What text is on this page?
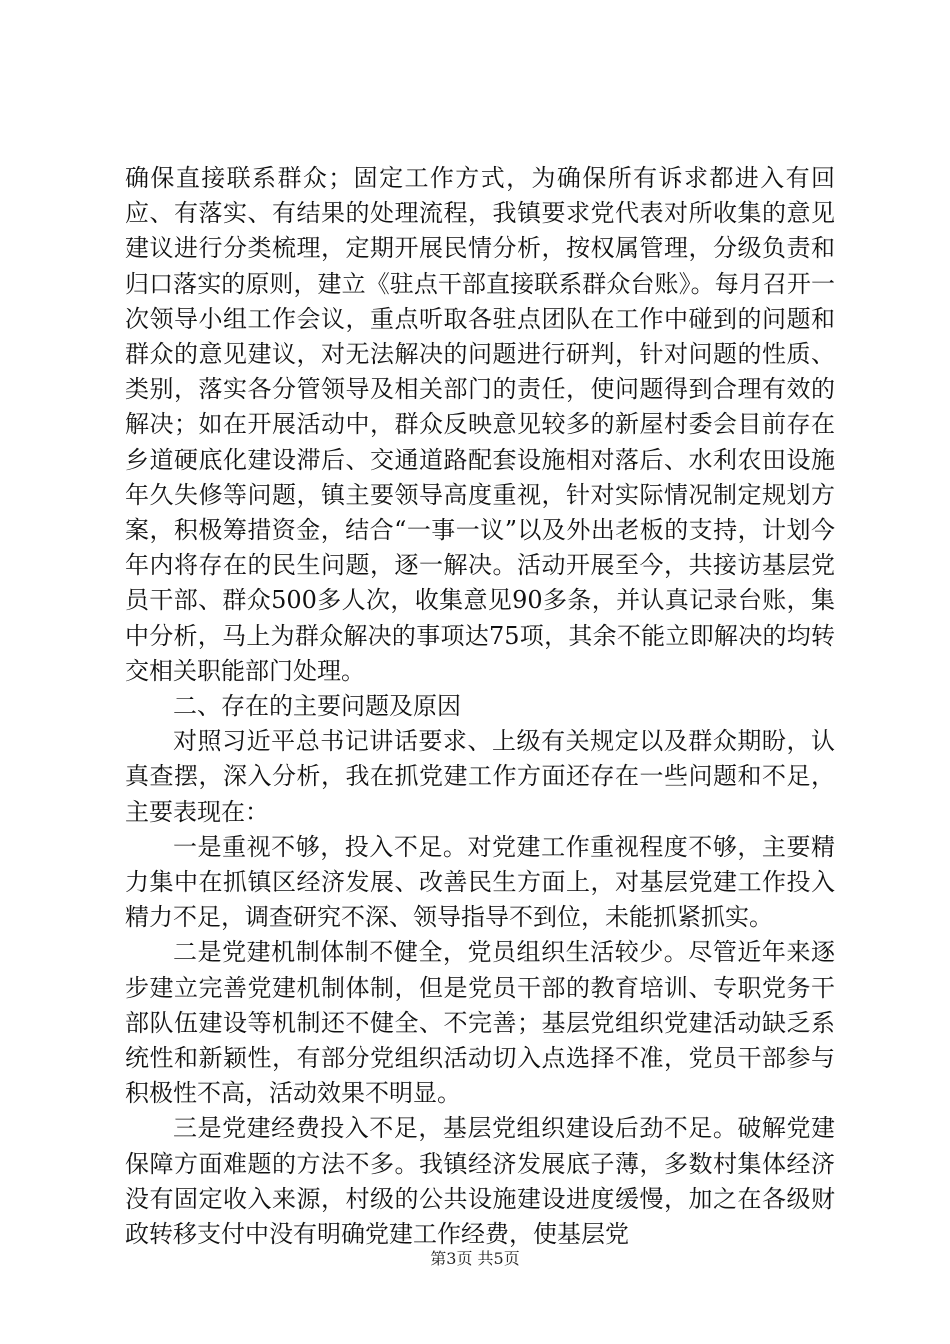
确保直接联系群众；固定工作方式，为确保所有诉求都进入有回应、有落实、有结果的处理流程，我镇要求党代表对所收集的意见建议进行分类梳理，定期开展民情分析，按权属管理，分级负责和归口落实的原则，建立《驻点干部直接联系群众台账》。每月召开一次领导小组工作会议，重点听取各驻点团队在工作中碰到的问题和群众的意见建议，对无法解决的问题进行研判，针对问题的性质、类别，落实各分管领导及相关部门的责任，使问题得到合理有效的解决；如在开展活动中，群众反映意见较多的新屋村委会目前存在乡道硬底化建设滞后、交通道路配套设施相对落后、水利农田设施年久失修等问题，镇主要领导高度重视，针对实际情况制定规划方案，积极筹措资金，结合“一事一议”以及外出老板的支持，计划今年内将存在的民生问题，逐一解决。活动开展至今，共接访基层党员干部、群众500多人次，收集意见90多条，并认真记录台账，集中分析，马上为群众解决的事项达75项，其余不能立即解决的均转交相关职能部门处理。

二、存在的主要问题及原因

对照习近平总书记讲话要求、上级有关规定以及群众期盼，认真查摆，深入分析，我在抓党建工作方面还存在一些问题和不足，主要表现在：

一是重视不够，投入不足。对党建工作重视程度不够，主要精力集中在抓镇区经济发展、改善民生方面上，对基层党建工作投入精力不足，调查研究不深、领导指导不到位，未能抓紧抓实。

二是党建机制体制不健全，党员组织生活较少。尽管近年来逐步建立完善党建机制体制，但是党员干部的教育培训、专职党务干部队伍建设等机制还不健全、不完善；基层党组织党建活动缺乏系统性和新颖性，有部分党组织活动切入点选择不准，党员干部参与积极性不高，活动效果不明显。

三是党建经费投入不足，基层党组织建设后劲不足。破解党建保障方面难题的方法不多。我镇经济发展底子薄，多数村集体经济没有固定收入来源，村级的公共设施建设进度缓慢，加之在各级财政转移支付中没有明确党建工作经费，使基层党

第3页 共5页
